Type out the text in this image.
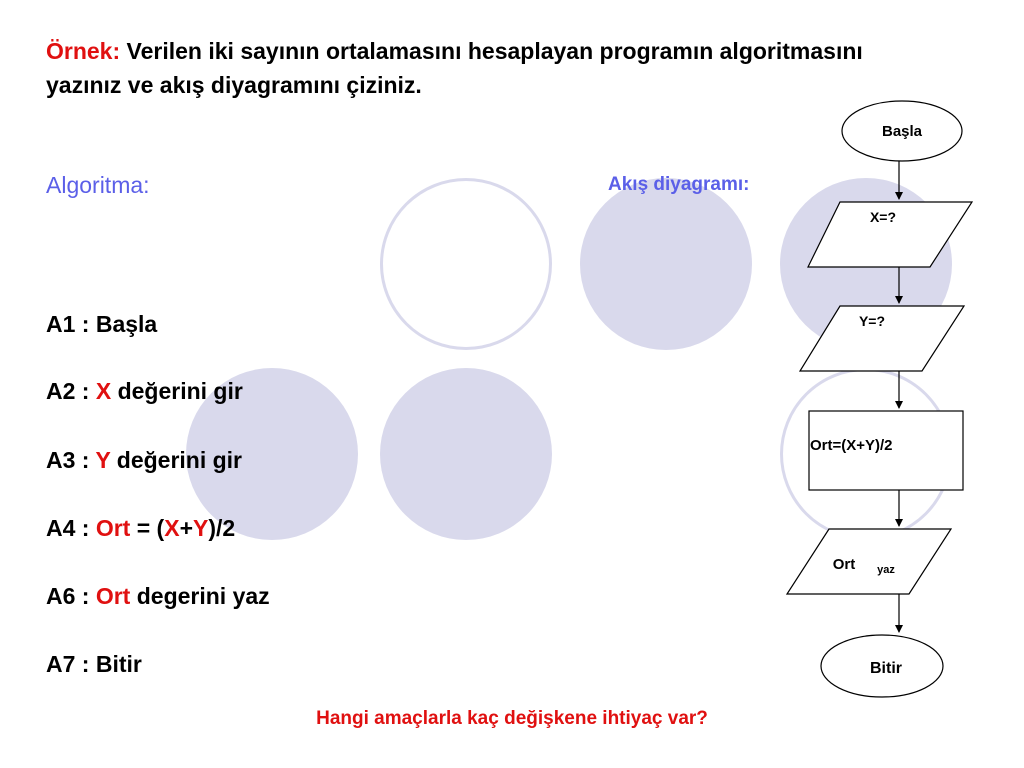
Örnek: Verilen iki sayının ortalamasını hesaplayan programın algoritmasını yazınız ve akış diyagramını çiziniz.
Algoritma:	Akış diyagramı:
A1 : Başla
A2 : X değerini gir
A3 : Y değerini gir
A4 : Ort = (X+Y)/2
A6 : Ort degerini yaz
A7 : Bitir
Başla
X=?
Y=?
Ort=(X+Y)/2
Ort yaz
Bitir
Hangi amaçlarla kaç değişkene ihtiyaç var?
